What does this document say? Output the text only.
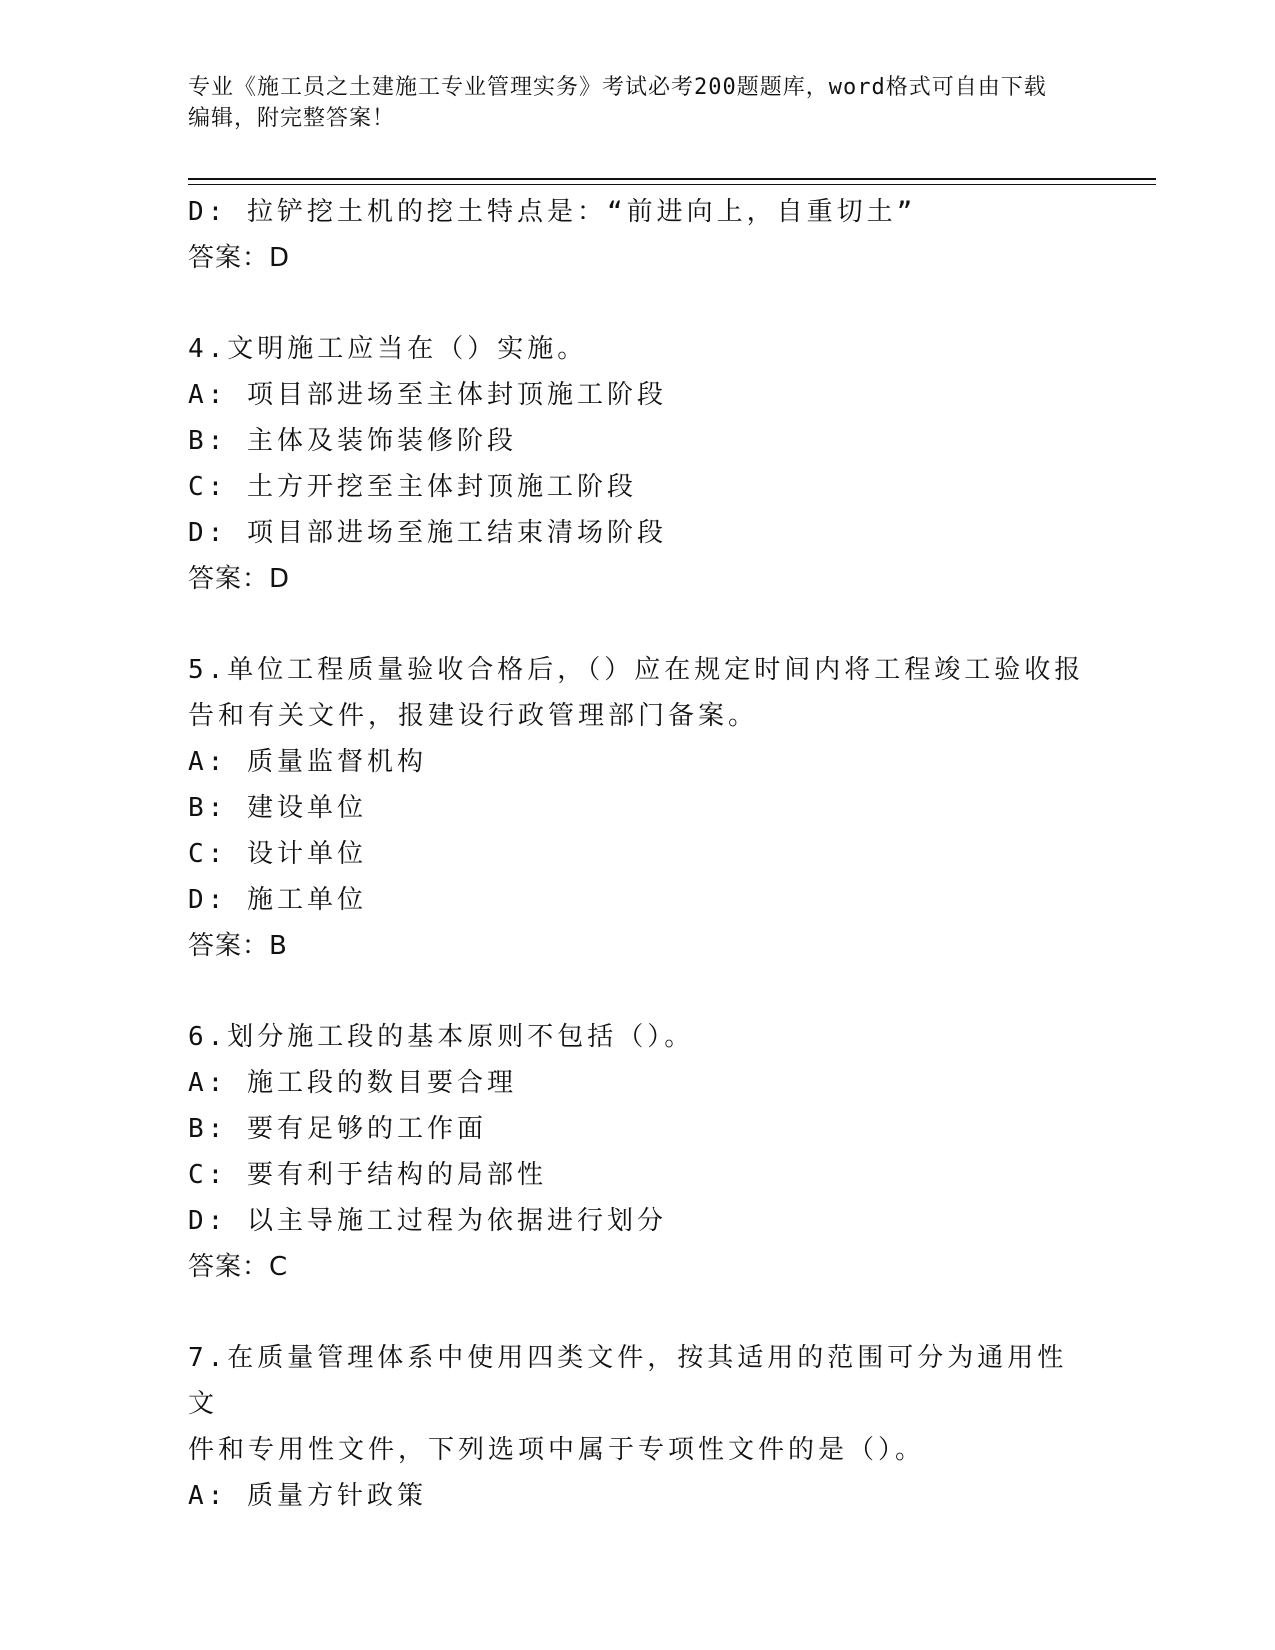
专业《施工员之土建施工专业管理实务》考试必考200题题库，word格式可自由下载编辑，附完整答案！
D: 拉铲挖土机的挖土特点是：“前进向上，自重切土”
答案：D
4.文明施工应当在（）实施。
A: 项目部进场至主体封顶施工阶段
B: 主体及装饰装修阶段
C: 土方开挖至主体封顶施工阶段
D: 项目部进场至施工结束清场阶段
答案：D
5.单位工程质量验收合格后，（）应在规定时间内将工程竣工验收报
告和有关文件，报建设行政管理部门备案。
A: 质量监督机构
B: 建设单位
C: 设计单位
D: 施工单位
答案：B
6.划分施工段的基本原则不包括（）。
A: 施工段的数目要合理
B: 要有足够的工作面
C: 要有利于结构的局部性
D: 以主导施工过程为依据进行划分
答案：C
7.在质量管理体系中使用四类文件，按其适用的范围可分为通用性文
件和专用性文件，下列选项中属于专项性文件的是（）。
A: 质量方针政策
